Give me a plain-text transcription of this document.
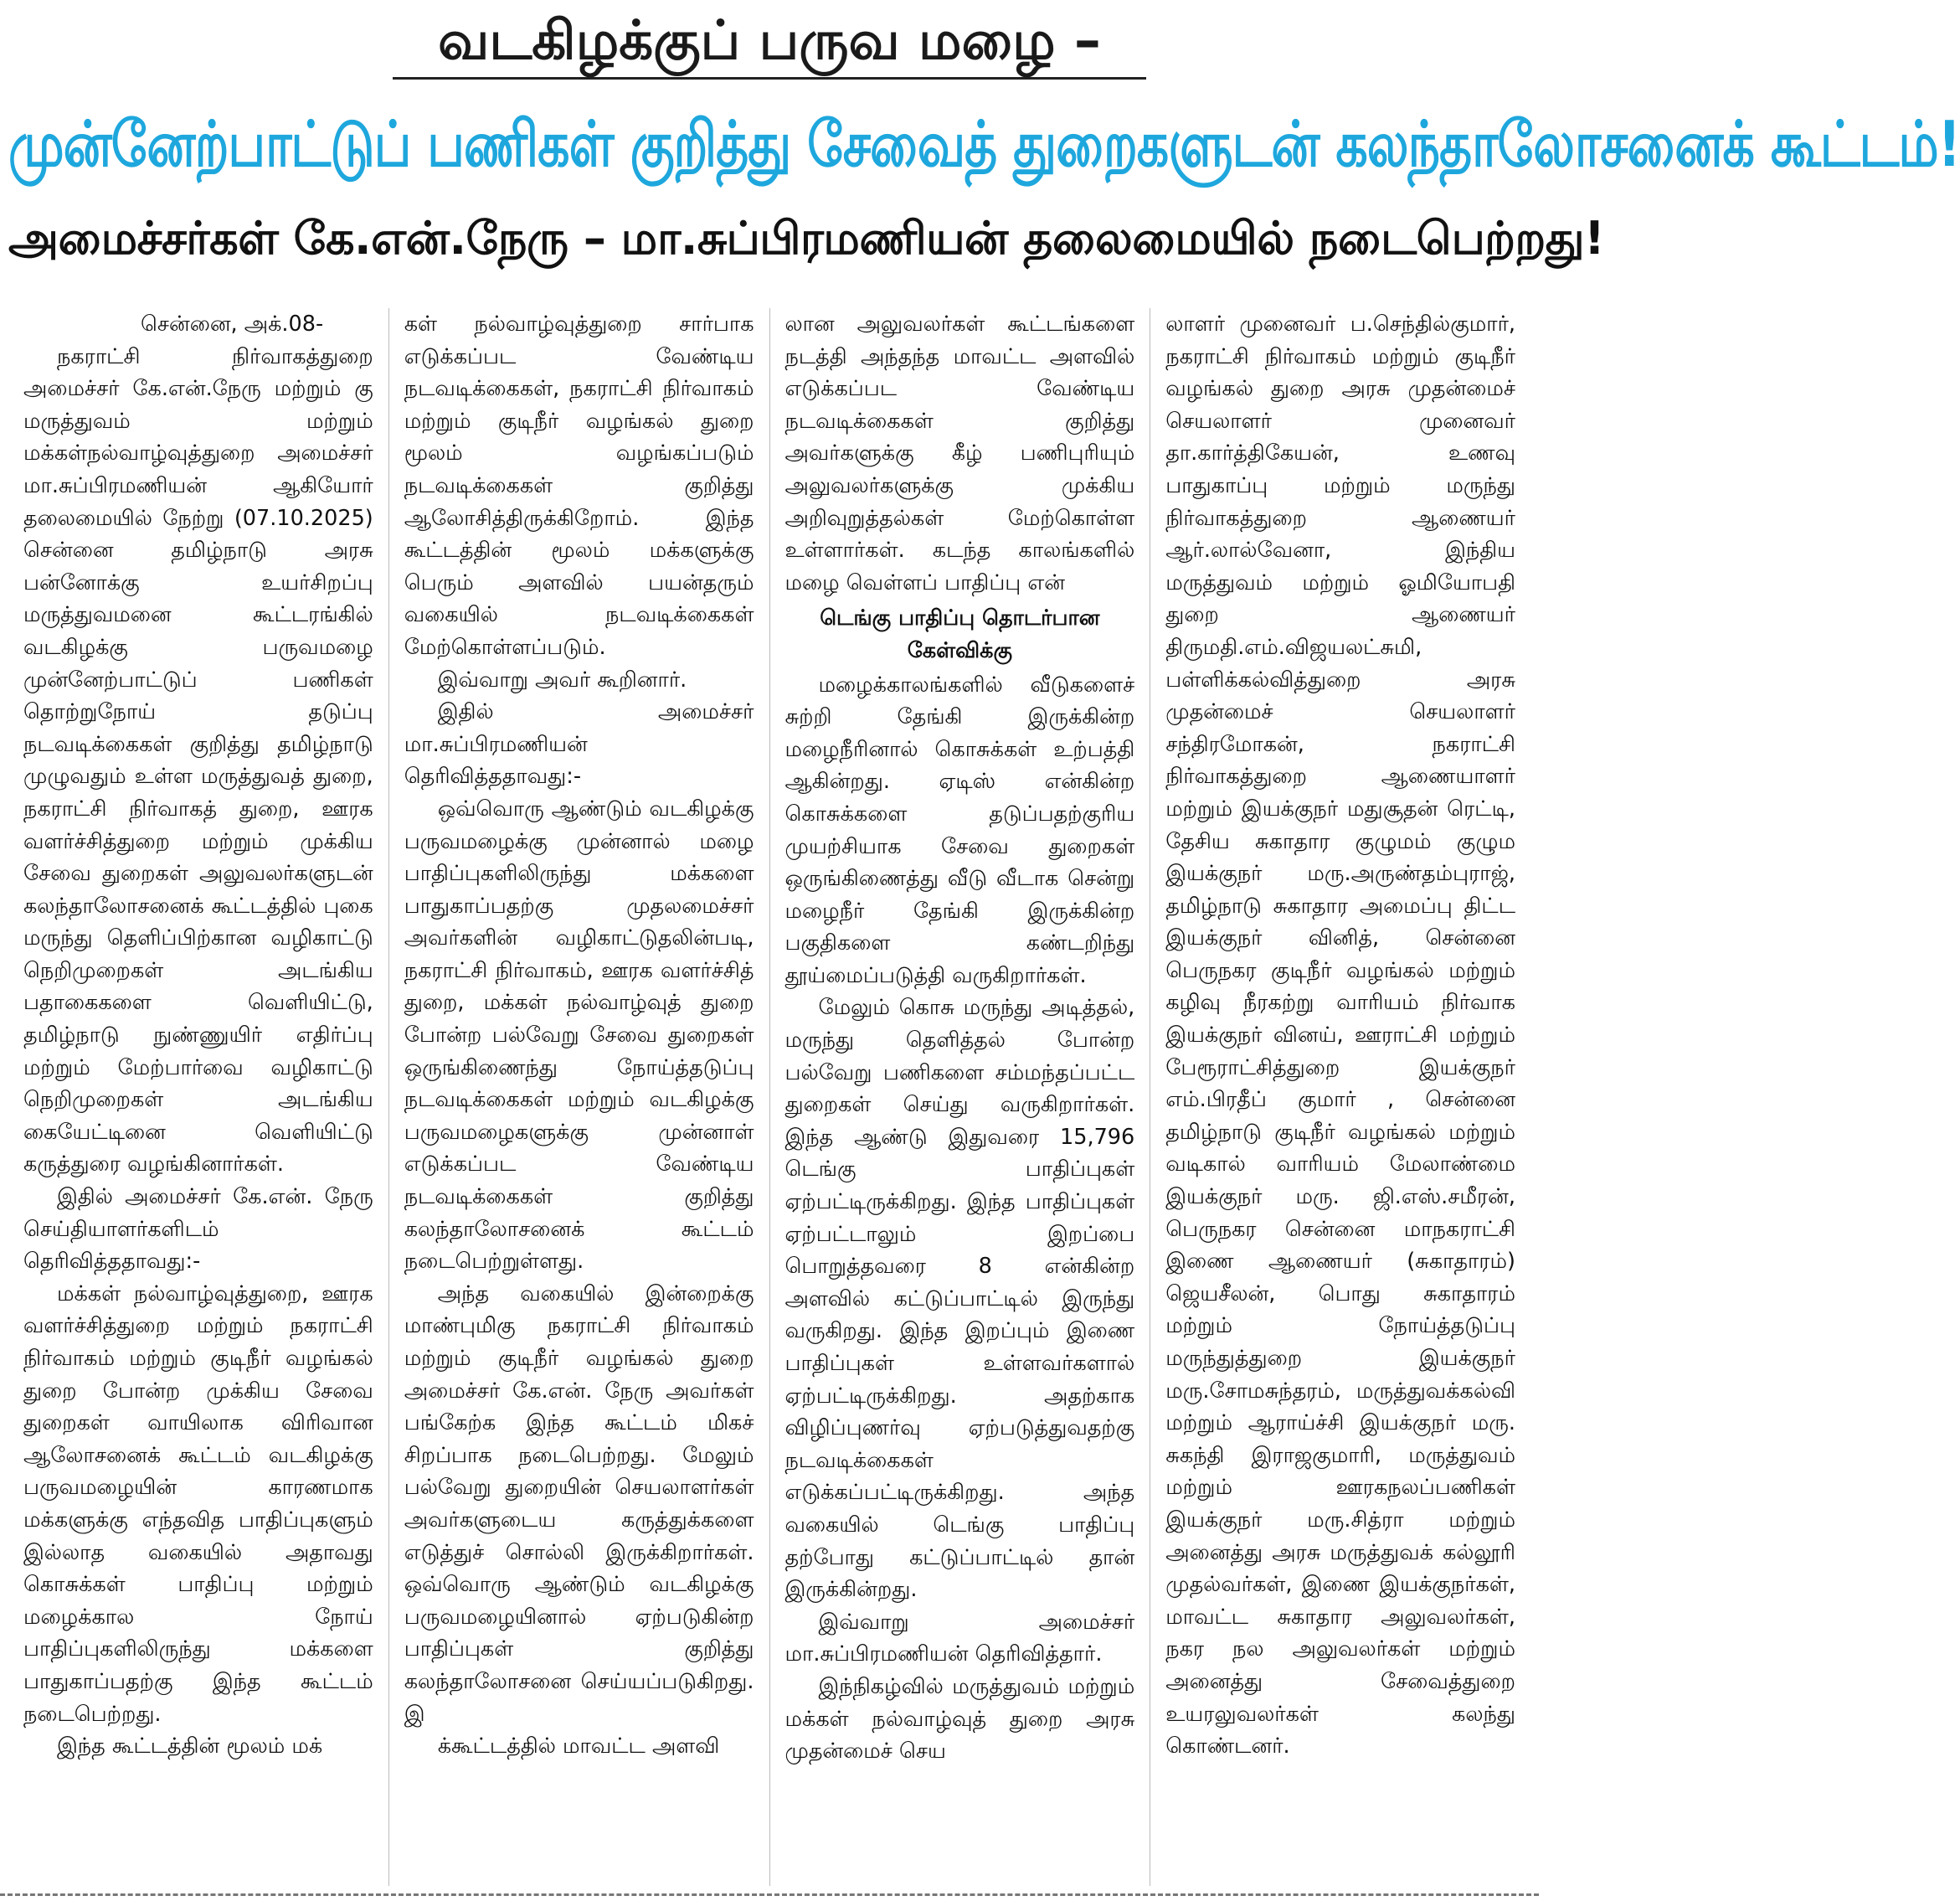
வடகிழக்குப் பருவ மழை –
முன்னேற்பாட்டுப் பணிகள் குறித்து சேவைத் துறைகளுடன் கலந்தாலோசனைக் கூட்டம்!
அமைச்சர்கள் கே.என்.நேரு – மா.சுப்பிரமணியன் தலைமையில் நடைபெற்றது!

சென்னை, அக்.08-

நகராட்சி நிர்வாகத்துறை அமைச்சர் கே.என்.நேரு மற்றும் கு மருத்துவம் மற்றும் மக்கள்நல்வாழ்வுத்துறை அமைச்சர் மா.சுப்பிரமணியன் ஆகியோர் தலைமையில் நேற்று (07.10.2025) சென்னை தமிழ்நாடு அரசு பன்னோக்கு உயர்சிறப்பு மருத்துவமனை கூட்டரங்கில் வடகிழக்கு பருவமழை முன்னேற்பாட்டுப் பணிகள் தொற்றுநோய் தடுப்பு நடவடிக்கைகள் குறித்து தமிழ்நாடு முழுவதும் உள்ள மருத்துவத் துறை, நகராட்சி நிர்வாகத் துறை, ஊரக வளர்ச்சித்துறை மற்றும் முக்கிய சேவை துறைகள் அலுவலர்களுடன் கலந்தாலோசனைக் கூட்டத்தில் புகை மருந்து தெளிப்பிற்கான வழிகாட்டு நெறிமுறைகள் அடங்கிய பதாகைகளை வெளியிட்டு, தமிழ்நாடு நுண்ணுயிர் எதிர்ப்பு மற்றும் மேற்பார்வை வழிகாட்டு நெறிமுறைகள் அடங்கிய கையேட்டினை வெளியிட்டு கருத்துரை வழங்கினார்கள்.

இதில் அமைச்சர் கே.என். நேரு செய்தியாளர்களிடம் தெரிவித்ததாவது:-

மக்கள் நல்வாழ்வுத்துறை, ஊரக வளர்ச்சித்துறை மற்றும் நகராட்சி நிர்வாகம் மற்றும் குடிநீர் வழங்கல் துறை போன்ற முக்கிய சேவை துறைகள் வாயிலாக விரிவான ஆலோசனைக் கூட்டம் வடகிழக்கு பருவமழையின் காரணமாக மக்களுக்கு எந்தவித பாதிப்புகளும் இல்லாத வகையில் அதாவது கொசுக்கள் பாதிப்பு மற்றும் மழைக்கால நோய் பாதிப்புகளிலிருந்து மக்களை பாதுகாப்பதற்கு இந்த கூட்டம் நடைபெற்றது.

இந்த கூட்டத்தின் மூலம் மக்

கள் நல்வாழ்வுத்துறை சார்பாக எடுக்கப்பட வேண்டிய நடவடிக்கைகள், நகராட்சி நிர்வாகம் மற்றும் குடிநீர் வழங்கல் துறை மூலம் வழங்கப்படும் நடவடிக்கைகள் குறித்து ஆலோசித்திருக்கிறோம். இந்த கூட்டத்தின் மூலம் மக்களுக்கு பெரும் அளவில் பயன்தரும் வகையில் நடவடிக்கைகள் மேற்கொள்ளப்படும்.

இவ்வாறு அவர் கூறினார்.

இதில் அமைச்சர் மா.சுப்பிரமணியன் தெரிவித்ததாவது:-

ஒவ்வொரு ஆண்டும் வடகிழக்கு பருவமழைக்கு முன்னால் மழை பாதிப்புகளிலிருந்து மக்களை பாதுகாப்பதற்கு முதலமைச்சர் அவர்களின் வழிகாட்டுதலின்படி, நகராட்சி நிர்வாகம், ஊரக வளர்ச்சித் துறை, மக்கள் நல்வாழ்வுத் துறை போன்ற பல்வேறு சேவை துறைகள் ஒருங்கிணைந்து நோய்த்தடுப்பு நடவடிக்கைகள் மற்றும் வடகிழக்கு பருவமழைகளுக்கு முன்னாள் எடுக்கப்பட வேண்டிய நடவடிக்கைகள் குறித்து கலந்தாலோசனைக் கூட்டம் நடைபெற்றுள்ளது.

அந்த வகையில் இன்றைக்கு மாண்புமிகு நகராட்சி நிர்வாகம் மற்றும் குடிநீர் வழங்கல் துறை அமைச்சர் கே.என். நேரு அவர்கள் பங்கேற்க இந்த கூட்டம் மிகச் சிறப்பாக நடைபெற்றது. மேலும் பல்வேறு துறையின் செயலாளர்கள் அவர்களுடைய கருத்துக்களை எடுத்துச் சொல்லி இருக்கிறார்கள். ஒவ்வொரு ஆண்டும் வடகிழக்கு பருவமழையினால் ஏற்படுகின்ற பாதிப்புகள் குறித்து கலந்தாலோசனை செய்யப்படுகிறது. இ

க்கூட்டத்தில் மாவட்ட அளவி

லான அலுவலர்கள் கூட்டங்களை நடத்தி அந்தந்த மாவட்ட அளவில் எடுக்கப்பட வேண்டிய நடவடிக்கைகள் குறித்து அவர்களுக்கு கீழ் பணிபுரியும் அலுவலர்களுக்கு முக்கிய அறிவுறுத்தல்கள் மேற்கொள்ள உள்ளார்கள். கடந்த காலங்களில் மழை வெள்ளப் பாதிப்பு என்

டெங்கு பாதிப்பு தொடர்பான கேள்விக்கு

மழைக்காலங்களில் வீடுகளைச் சுற்றி தேங்கி இருக்கின்ற மழைநீரினால் கொசுக்கள் உற்பத்தி ஆகின்றது. ஏடிஸ் என்கின்ற கொசுக்களை தடுப்பதற்குரிய முயற்சியாக சேவை துறைகள் ஒருங்கிணைத்து வீடு வீடாக சென்று மழைநீர் தேங்கி இருக்கின்ற பகுதிகளை கண்டறிந்து தூய்மைப்படுத்தி வருகிறார்கள்.

மேலும் கொசு மருந்து அடித்தல், மருந்து தெளித்தல் போன்ற பல்வேறு பணிகளை சம்மந்தப்பட்ட துறைகள் செய்து வருகிறார்கள். இந்த ஆண்டு இதுவரை 15,796 டெங்கு பாதிப்புகள் ஏற்பட்டிருக்கிறது. இந்த பாதிப்புகள் ஏற்பட்டாலும் இறப்பை பொறுத்தவரை 8 என்கின்ற அளவில் கட்டுப்பாட்டில் இருந்து வருகிறது. இந்த இறப்பும் இணை பாதிப்புகள் உள்ளவர்களால் ஏற்பட்டிருக்கிறது. அதற்காக விழிப்புணர்வு ஏற்படுத்துவதற்கு நடவடிக்கைகள் எடுக்கப்பட்டிருக்கிறது. அந்த வகையில் டெங்கு பாதிப்பு தற்போது கட்டுப்பாட்டில் தான் இருக்கின்றது.

இவ்வாறு அமைச்சர் மா.சுப்பிரமணியன் தெரிவித்தார்.

இந்நிகழ்வில் மருத்துவம் மற்றும் மக்கள் நல்வாழ்வுத் துறை அரசு முதன்மைச் செய

லாளர் முனைவர் ப.செந்தில்குமார், நகராட்சி நிர்வாகம் மற்றும் குடிநீர் வழங்கல் துறை அரசு முதன்மைச் செயலாளர் முனைவர் தா.கார்த்திகேயன், உணவு பாதுகாப்பு மற்றும் மருந்து நிர்வாகத்துறை ஆணையர் ஆர்.லால்வேனா, இந்திய மருத்துவம் மற்றும் ஓமியோபதி துறை ஆணையர் திருமதி.எம்.விஜயலட்சுமி, பள்ளிக்கல்வித்துறை அரசு முதன்மைச் செயலாளர் சந்திரமோகன், நகராட்சி நிர்வாகத்துறை ஆணையாளர் மற்றும் இயக்குநர் மதுசூதன் ரெட்டி, தேசிய சுகாதார குழுமம் குழும இயக்குநர் மரு.அருண்தம்புராஜ், தமிழ்நாடு சுகாதார அமைப்பு திட்ட இயக்குநர் வினித், சென்னை பெருநகர குடிநீர் வழங்கல் மற்றும் கழிவு நீரகற்று வாரியம் நிர்வாக இயக்குநர் வினய், ஊராட்சி மற்றும் பேரூராட்சித்துறை இயக்குநர் எம்.பிரதீப் குமார் , சென்னை தமிழ்நாடு குடிநீர் வழங்கல் மற்றும் வடிகால் வாரியம் மேலாண்மை இயக்குநர் மரு. ஜி.எஸ்.சமீரன், பெருநகர சென்னை மாநகராட்சி இணை ஆணையர் (சுகாதாரம்) ஜெயசீலன், பொது சுகாதாரம் மற்றும் நோய்த்தடுப்பு மருந்துத்துறை இயக்குநர் மரு.சோமசுந்தரம், மருத்துவக்கல்வி மற்றும் ஆராய்ச்சி இயக்குநர் மரு. சுகந்தி இராஜகுமாரி, மருத்துவம் மற்றும் ஊரகநலப்பணிகள் இயக்குநர் மரு.சித்ரா மற்றும் அனைத்து அரசு மருத்துவக் கல்லூரி முதல்வர்கள், இணை இயக்குநர்கள், மாவட்ட சுகாதார அலுவலர்கள், நகர நல அலுவலர்கள் மற்றும் அனைத்து சேவைத்துறை உயரலுவலர்கள் கலந்து கொண்டனர்.
